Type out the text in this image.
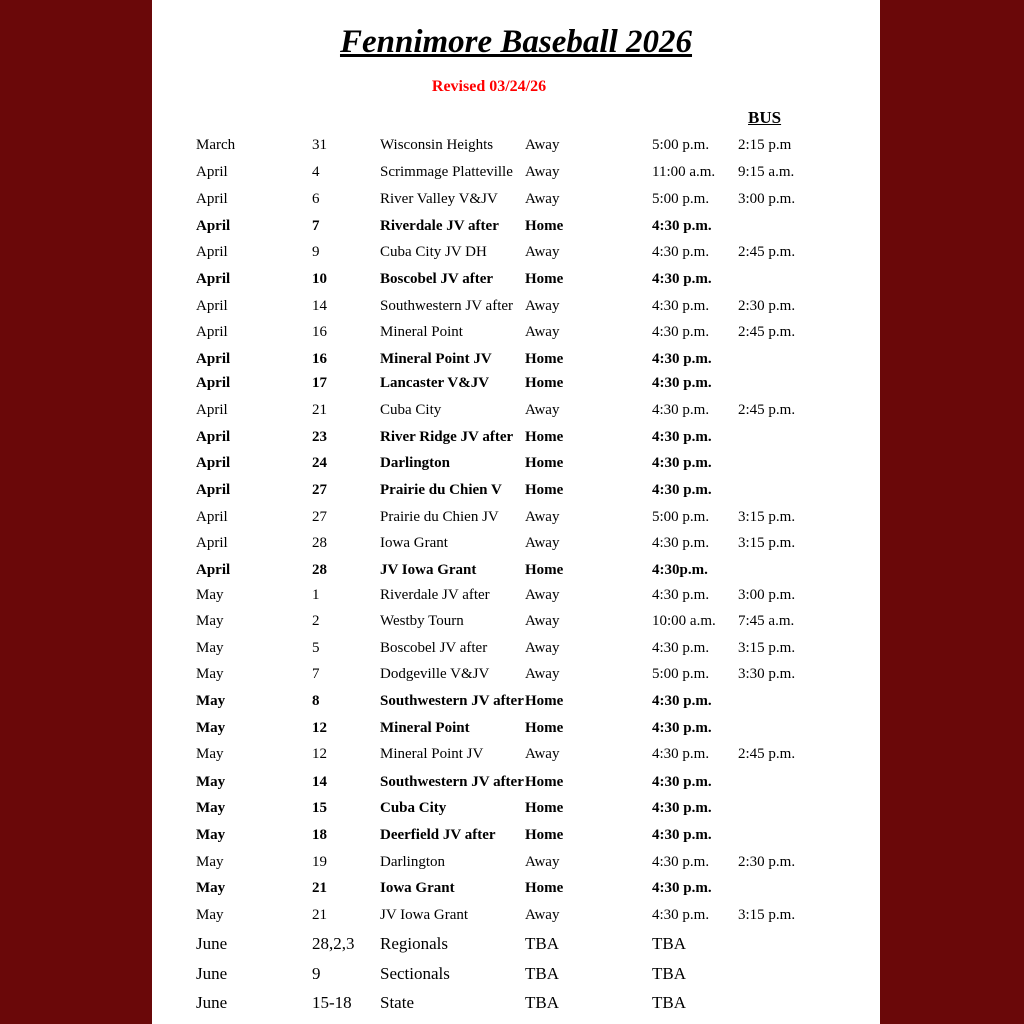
Fennimore Baseball 2026
Revised 03/24/26
BUS
March	31	Wisconsin Heights Away	5:00 p.m. 2:15 p.m
April	4	Scrimmage Platteville Away	11:00 a.m. 9:15 a.m.
April	6	River Valley V&JV Away	5:00 p.m. 3:00 p.m.
April	7	Riverdale JV after Home	4:30 p.m.
April	9	Cuba City JV DH	Away	4:30 p.m. 2:45 p.m.
April	10	Boscobel JV after Home	4:30 p.m.
April	14	Southwestern JV after Away	4:30 p.m. 2:30 p.m.
April	16	Mineral Point	Away	4:30 p.m. 2:45 p.m.
April	16	Mineral Point JV Home	4:30 p.m.
April	17	Lancaster V&JV Home	4:30 p.m.
April	21	Cuba City	Away	4:30 p.m. 2:45 p.m.
April	23	River Ridge JV after Home	4:30 p.m.
April	24	Darlington	Home	4:30 p.m.
April	27	Prairie du Chien V Home	4:30 p.m.
April	27	Prairie du Chien JV Away	5:00 p.m. 3:15 p.m.
April	28	Iowa Grant	Away	4:30 p.m. 3:15 p.m.
April	28	JV Iowa Grant	Home	4:30p.m.
May	1	Riverdale JV after Away	4:30 p.m. 3:00 p.m.
May	2	Westby Tourn	Away	10:00 a.m. 7:45 a.m.
May	5	Boscobel JV after	Away	4:30 p.m. 3:15 p.m.
May	7	Dodgeville V&JV Away	5:00 p.m. 3:30 p.m.
May	8	Southwestern JV after Home	4:30 p.m.
May	12	Mineral Point	Home	4:30 p.m.
May	12	Mineral Point JV	Away	4:30 p.m. 2:45 p.m.
May	14	Southwestern JV after Home	4:30 p.m.
May	15	Cuba City	Home	4:30 p.m.
May	18	Deerfield JV after Home	4:30 p.m.
May	19	Darlington	Away	4:30 p.m. 2:30 p.m.
May	21	Iowa Grant	Home	4:30 p.m.
May	21	JV Iowa Grant	Away	4:30 p.m. 3:15 p.m.
June	28,2,3 Regionals	TBA	TBA
June	9	Sectionals	TBA	TBA
June	15-18 State	TBA	TBA
